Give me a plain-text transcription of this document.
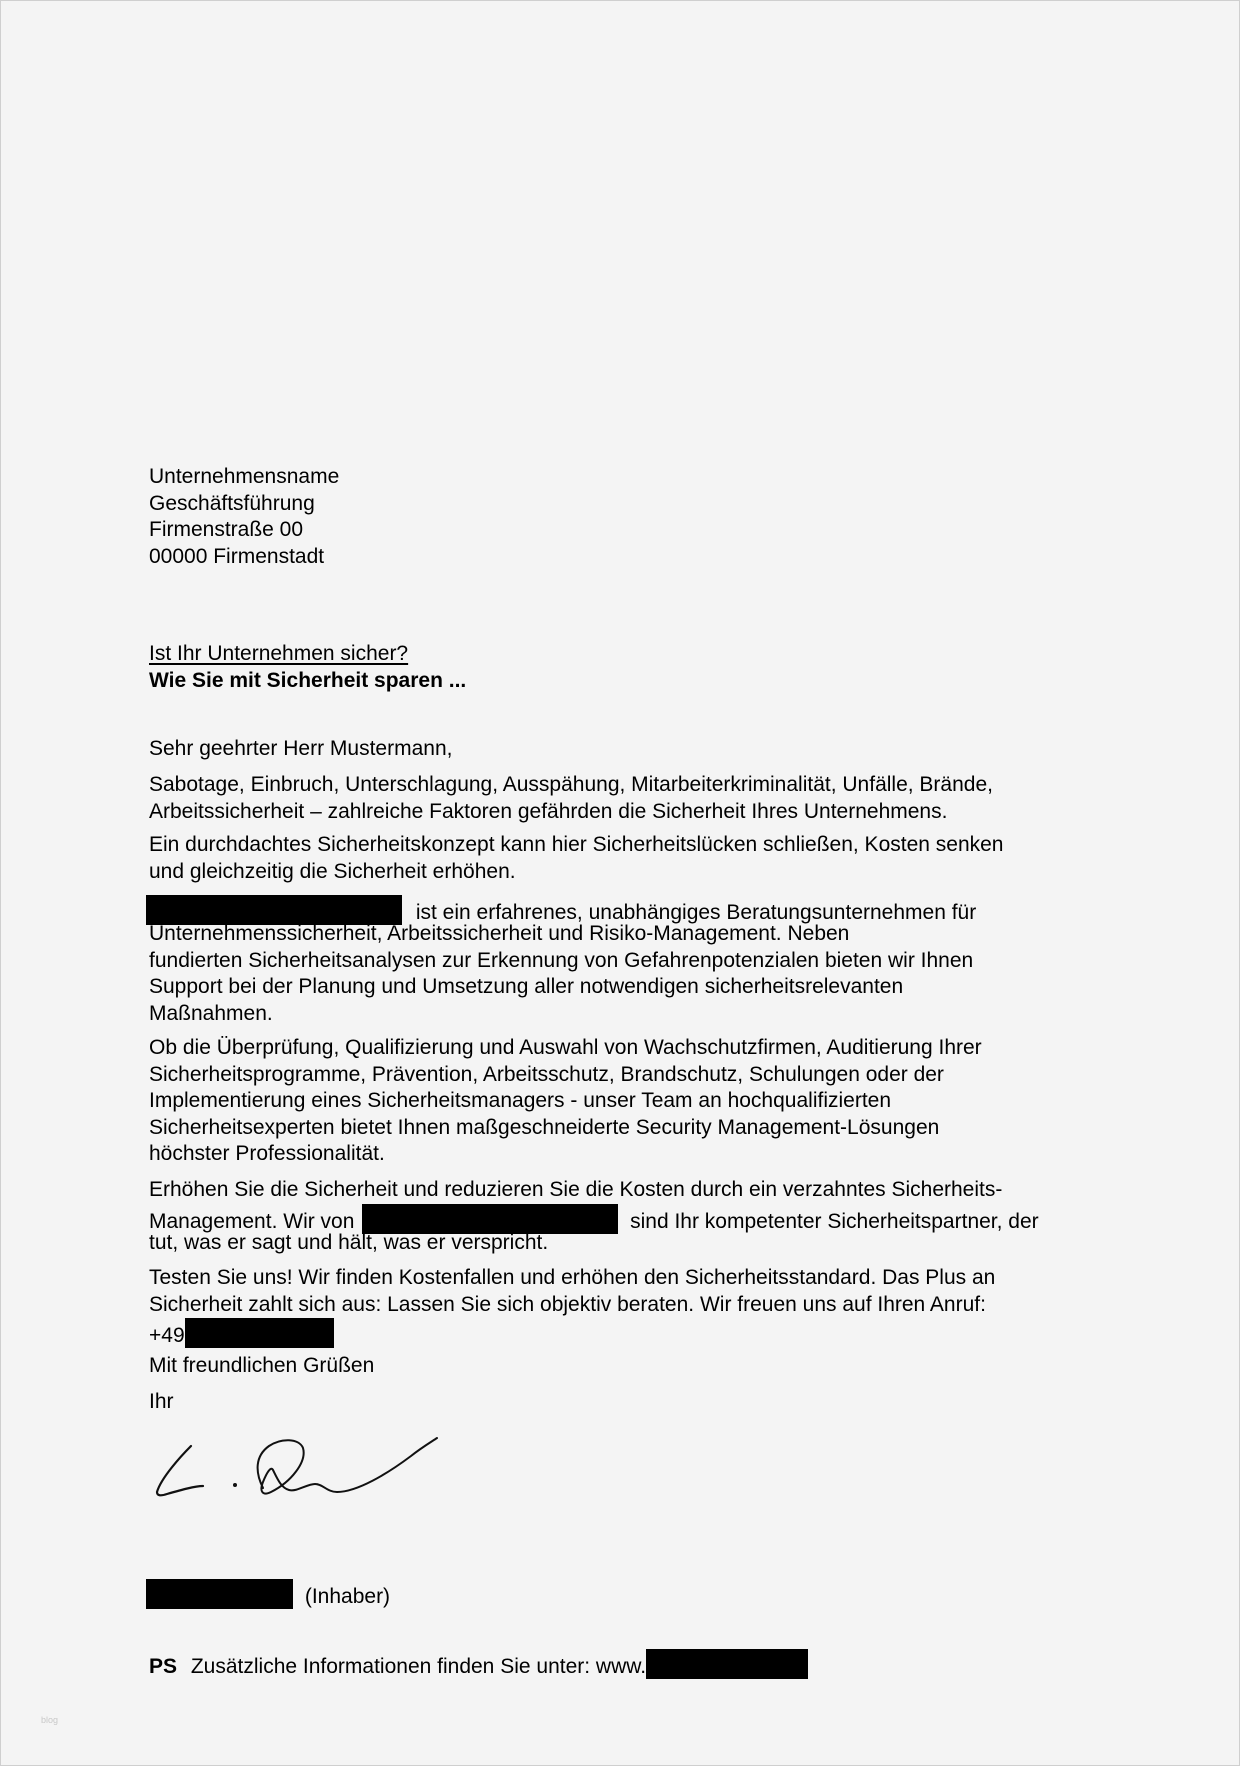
Unternehmensname
Geschäftsführung
Firmenstraße 00
00000 Firmenstadt
Ist Ihr Unternehmen sicher?
Wie Sie mit Sicherheit sparen ...
Sehr geehrter Herr Mustermann,
Sabotage, Einbruch, Unterschlagung, Ausspähung, Mitarbeiterkriminalität, Unfälle, Brände,
Arbeitssicherheit – zahlreiche Faktoren gefährden die Sicherheit Ihres Unternehmens.
Ein durchdachtes Sicherheitskonzept kann hier Sicherheitslücken schließen, Kosten senken
und gleichzeitig die Sicherheit erhöhen.
ist ein erfahrenes, unabhängiges Beratungsunternehmen für
Unternehmenssicherheit, Arbeitssicherheit und Risiko-Management. Neben
fundierten Sicherheitsanalysen zur Erkennung von Gefahrenpotenzialen bieten wir Ihnen
Support bei der Planung und Umsetzung aller notwendigen sicherheitsrelevanten
Maßnahmen.
Ob die Überprüfung, Qualifizierung und Auswahl von Wachschutzfirmen, Auditierung Ihrer
Sicherheitsprogramme, Prävention, Arbeitsschutz, Brandschutz, Schulungen oder der
Implementierung eines Sicherheitsmanagers - unser Team an hochqualifizierten
Sicherheitsexperten bietet Ihnen maßgeschneiderte Security Management-Lösungen
höchster Professionalität.
Erhöhen Sie die Sicherheit und reduzieren Sie die Kosten durch ein verzahntes Sicherheits-
Management. Wir von	sind Ihr kompetenter Sicherheitspartner, der
tut, was er sagt und hält, was er verspricht.
Testen Sie uns! Wir finden Kostenfallen und erhöhen den Sicherheitsstandard. Das Plus an
Sicherheit zahlt sich aus: Lassen Sie sich objektiv beraten. Wir freuen uns auf Ihren Anruf:
+49
Mit freundlichen Grüßen
Ihr
(Inhaber)
PS Zusätzliche Informationen finden Sie unter: www.
blog
